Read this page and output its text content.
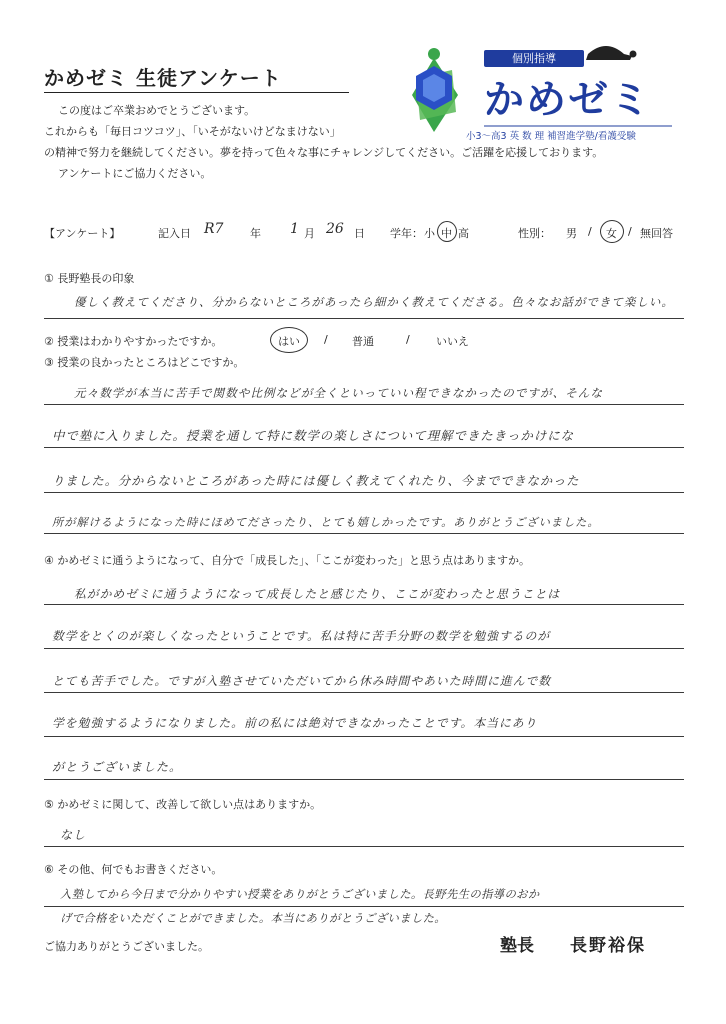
かめゼミ 生徒アンケート
この度はご卒業おめでとうございます。
これからも「毎日コツコツ」、「いそがないけどなまけない」
の精神で努力を継続してください。夢を持って色々な事にチャレンジしてください。ご活躍を応援しております。
アンケートにご協力ください。
個別指導
かめゼミ
小3〜高3 英 数 理 補習進学塾/看護受験
【アンケート】	記入日 R7 年 1 月 26 日 学年： 小 中 高	性別： 男 / 女 / 無回答
① 長野塾長の印象
優しく教えてくださり、分からないところがあったら細かく教えてくださる。色々なお話ができて楽しい。
② 授業はわかりやすかったですか。	はい / 普通	/ いいえ
③ 授業の良かったところはどこですか。
元々数学が本当に苦手で関数や比例などが全くといっていい程できなかったのですが、そんな
中で塾に入りました。授業を通して特に数学の楽しさについて理解できたきっかけにな
りました。分からないところがあった時には優しく教えてくれたり、今までできなかった
所が解けるようになった時にほめてださったり、とても嬉しかったです。ありがとうございました。
④ かめゼミに通うようになって、自分で「成長した」、「ここが変わった」と思う点はありますか。
私がかめゼミに通うようになって成長したと感じたり、ここが変わったと思うことは
数学をとくのが楽しくなったということです。私は特に苦手分野の数学を勉強するのが
とても苦手でした。ですが入塾させていただいてから休み時間やあいた時間に進んで数
学を勉強するようになりました。前の私には絶対できなかったことです。本当にあり
がとうございました。
⑤ かめゼミに関して、改善して欲しい点はありますか。
なし
⑥ その他、何でもお書きください。
入塾してから今日まで分かりやすい授業をありがとうございました。長野先生の指導のおか
げで合格をいただくことができました。本当にありがとうございました。
ご協力ありがとうございました。	塾長 長野裕保
